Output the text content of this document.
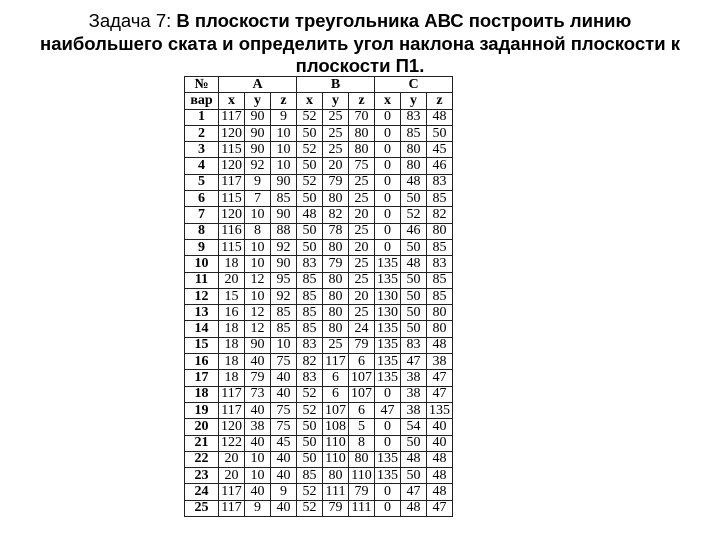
Задача 7: В плоскости треугольника АВС построить линию
наибольшего ската и определить угол наклона заданной плоскости к
плоскости П1.
№	A			B			C		
вар	x	y	z	x	y	z	x	y	z
1	117	90	9	52	25	70	0	83	48
2	120	90	10	50	25	80	0	85	50
3	115	90	10	52	25	80	0	80	45
4	120	92	10	50	20	75	0	80	46
5	117	9	90	52	79	25	0	48	83
6	115	7	85	50	80	25	0	50	85
7	120	10	90	48	82	20	0	52	82
8	116	8	88	50	78	25	0	46	80
9	115	10	92	50	80	20	0	50	85
10	18	10	90	83	79	25	135	48	83
11	20	12	95	85	80	25	135	50	85
12	15	10	92	85	80	20	130	50	85
13	16	12	85	85	80	25	130	50	80
14	18	12	85	85	80	24	135	50	80
15	18	90	10	83	25	79	135	83	48
16	18	40	75	82	117	6	135	47	38
17	18	79	40	83	6	107	135	38	47
18	117	73	40	52	6	107	0	38	47
19	117	40	75	52	107	6	47	38	135
20	120	38	75	50	108	5	0	54	40
21	122	40	45	50	110	8	0	50	40
22	20	10	40	50	110	80	135	48	48
23	20	10	40	85	80	110	135	50	48
24	117	40	9	52	111	79	0	47	48
25	117	9	40	52	79	111	0	48	47
